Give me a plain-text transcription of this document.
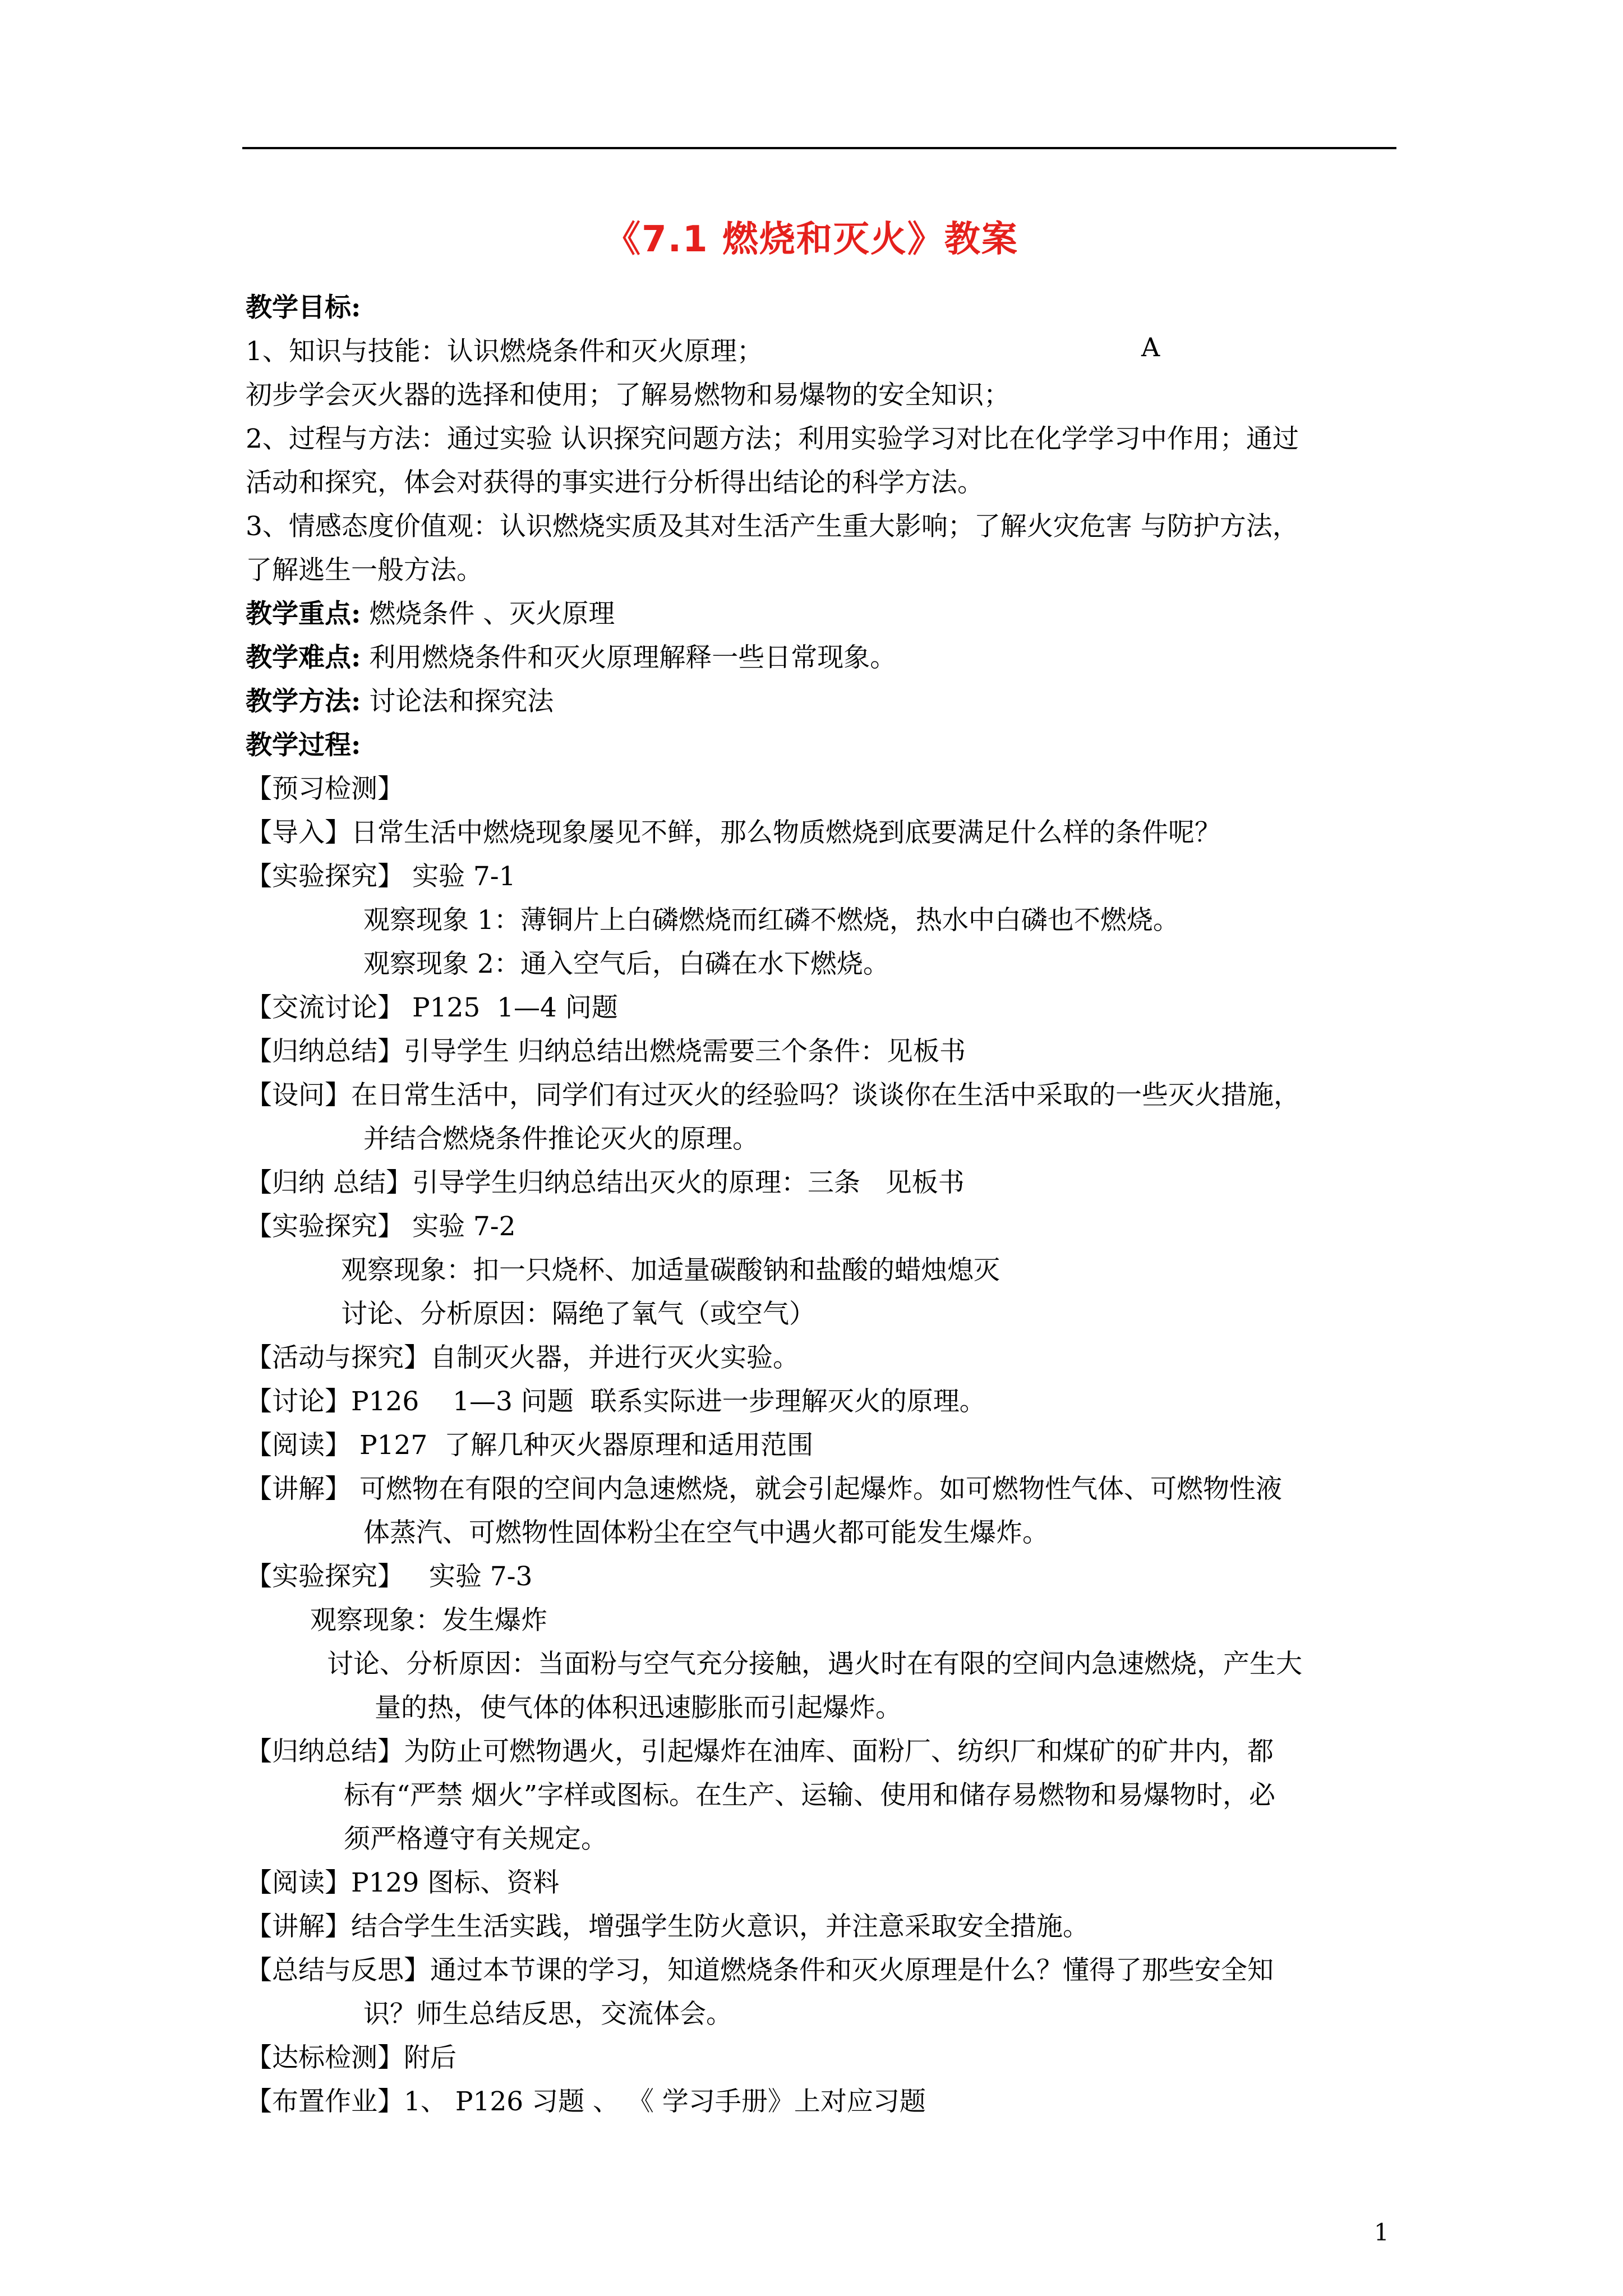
《7.1 燃烧和灭火》教案
A
教学目标:
1、知识与技能：认识燃烧条件和灭火原理；
初步学会灭火器的选择和使用；了解易燃物和易爆物的安全知识；
2、过程与方法：通过实验 认识探究问题方法；利用实验学习对比在化学学习中作用；通过
活动和探究，体会对获得的事实进行分析得出结论的科学方法。
3、情感态度价值观：认识燃烧实质及其对生活产生重大影响；了解火灾危害 与防护方法，
了解逃生一般方法。
教学重点: 燃烧条件 、灭火原理
教学难点: 利用燃烧条件和灭火原理解释一些日常现象。
教学方法: 讨论法和探究法
教学过程:
【预习检测】
【导入】日常生活中燃烧现象屡见不鲜，那么物质燃烧到底要满足什么样的条件呢？
【实验探究】 实验 7-1
观察现象 1：薄铜片上白磷燃烧而红磷不燃烧，热水中白磷也不燃烧。
观察现象 2：通入空气后，白磷在水下燃烧。
【交流讨论】 P125  1—4 问题
【归纳总结】引导学生 归纳总结出燃烧需要三个条件：见板书
【设问】在日常生活中，同学们有过灭火的经验吗？谈谈你在生活中采取的一些灭火措施，
并结合燃烧条件推论灭火的原理。
【归纳 总结】引导学生归纳总结出灭火的原理：三条   见板书
【实验探究】 实验 7-2
观察现象：扣一只烧杯、加适量碳酸钠和盐酸的蜡烛熄灭
讨论、分析原因：隔绝了氧气（或空气）
【活动与探究】自制灭火器，并进行灭火实验。
【讨论】P126    1—3 问题  联系实际进一步理解灭火的原理。
【阅读】 P127  了解几种灭火器原理和适用范围
【讲解】 可燃物在有限的空间内急速燃烧，就会引起爆炸。如可燃物性气体、可燃物性液
体蒸汽、可燃物性固体粉尘在空气中遇火都可能发生爆炸。
【实验探究】   实验 7-3
观察现象：发生爆炸
讨论、分析原因：当面粉与空气充分接触，遇火时在有限的空间内急速燃烧，产生大
量的热，使气体的体积迅速膨胀而引起爆炸。
【归纳总结】为防止可燃物遇火，引起爆炸在油库、面粉厂、纺织厂和煤矿的矿井内，都
标有“严禁 烟火”字样或图标。在生产、运输、使用和储存易燃物和易爆物时，必
须严格遵守有关规定。
【阅读】P129 图标、资料
【讲解】结合学生生活实践，增强学生防火意识，并注意采取安全措施。
【总结与反思】通过本节课的学习，知道燃烧条件和灭火原理是什么？懂得了那些安全知
识？师生总结反思，交流体会。
【达标检测】附后
【布置作业】1、 P126 习题 、 《 学习手册》上对应习题
1
